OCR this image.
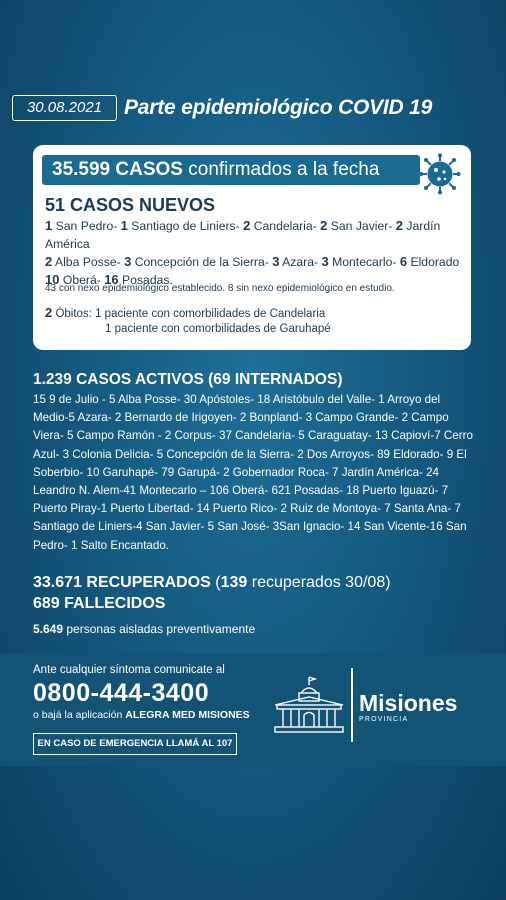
30.08.2021	Parte epidemiológico COVID 19
35.599 CASOS confirmados a la fecha
51 CASOS NUEVOS
1 San Pedro- 1 Santiago de Liniers- 2 Candelaria- 2 San Javier- 2 Jardín América
2 Alba Posse- 3 Concepción de la Sierra- 3 Azara- 3 Montecarlo- 6 Eldorado
10 Oberá- 16 Posadas.
43 con nexo epidemiológico establecido. 8 sin nexo epidemiológico en estudio.
2 Óbitos: 1 paciente con comorbilidades de Candelaria
1 paciente con comorbilidades de Garuhapé
1.239 CASOS ACTIVOS (69 INTERNADOS)
15 9 de Julio - 5 Alba Posse- 30 Apóstoles- 18 Aristóbulo del Valle- 1 Arroyo del Medio-5 Azara- 2 Bernardo de Irigoyen- 2 Bonpland- 3 Campo Grande- 2 Campo Viera- 5 Campo Ramón - 2 Corpus- 37 Candelaria- 5 Caraguatay- 13 Capioví-7 Cerro Azul- 3 Colonia Delicia- 5 Concepción de la Sierra- 2 Dos Arroyos- 89 Eldorado- 9 El Soberbio- 10 Garuhapé- 79 Garupá- 2 Gobernador Roca- 7 Jardín América- 24 Leandro N. Alem-41 Montecarlo – 106 Oberá- 621 Posadas- 18 Puerto Iguazú- 7 Puerto Piray-1 Puerto Libertad- 14 Puerto Rico- 2 Ruiz de Montoya- 7 Santa Ana- 7 Santiago de Liniers-4 San Javier- 5 San José- 3San Ignacio- 14 San Vicente-16 San Pedro- 1 Salto Encantado.
33.671 RECUPERADOS (139 recuperados 30/08)
689 FALLECIDOS
5.649 personas aisladas preventivamente
Ante cualquier síntoma comunicate al
0800-444-3400
o bajá la aplicación ALEGRA MED MISIONES
EN CASO DE EMERGENCIA LLAMÁ AL 107
Misiones
PROVINCIA
